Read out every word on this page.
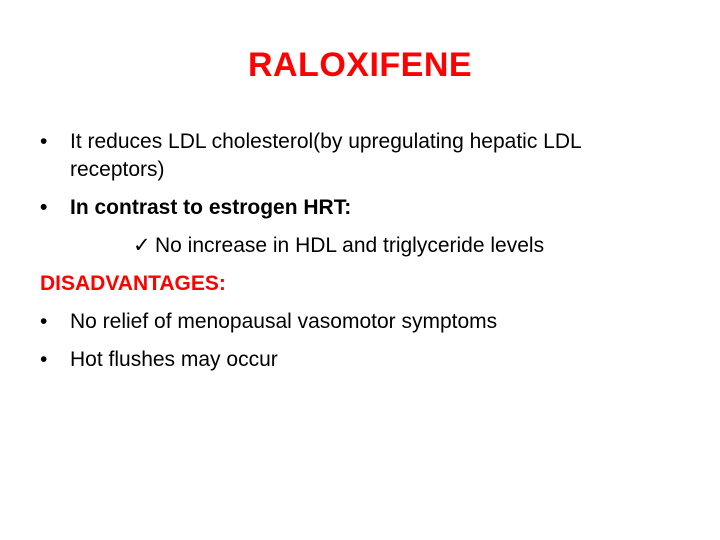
RALOXIFENE
•	It reduces LDL cholesterol(by upregulating hepatic LDL receptors)
•	In contrast to estrogen HRT:
✓ No increase in HDL and triglyceride levels
DISADVANTAGES:
•	No relief of menopausal vasomotor symptoms
•	Hot flushes may occur
